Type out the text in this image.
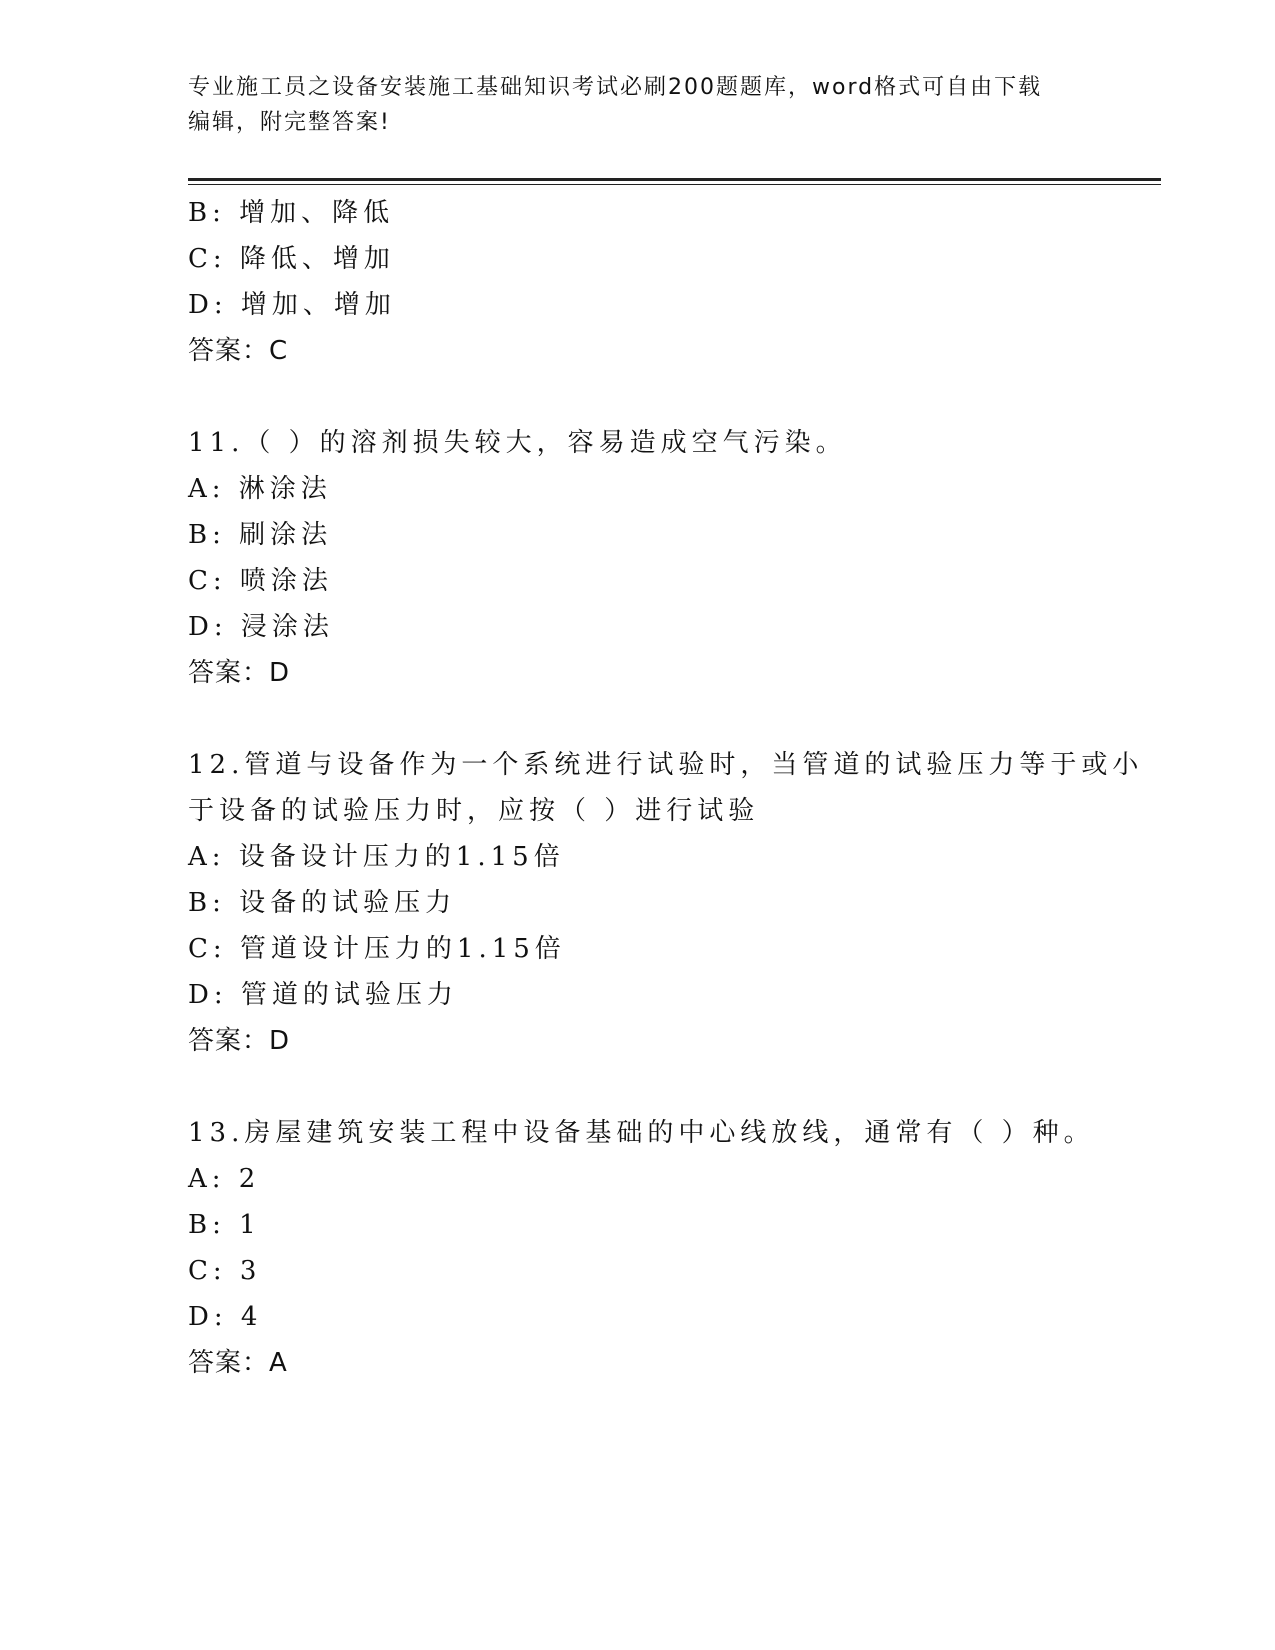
专业施工员之设备安装施工基础知识考试必刷200题题库，word格式可自由下载
编辑，附完整答案!
B: 增加、降低
C: 降低、增加
D: 增加、增加
答案：C
11.（ ）的溶剂损失较大，容易造成空气污染。
A: 淋涂法
B: 刷涂法
C: 喷涂法
D: 浸涂法
答案：D
12.管道与设备作为一个系统进行试验时，当管道的试验压力等于或小
于设备的试验压力时，应按（ ）进行试验
A: 设备设计压力的1.15倍
B: 设备的试验压力
C: 管道设计压力的1.15倍
D: 管道的试验压力
答案：D
13.房屋建筑安装工程中设备基础的中心线放线，通常有（ ）种。
A: 2
B: 1
C: 3
D: 4
答案：A
